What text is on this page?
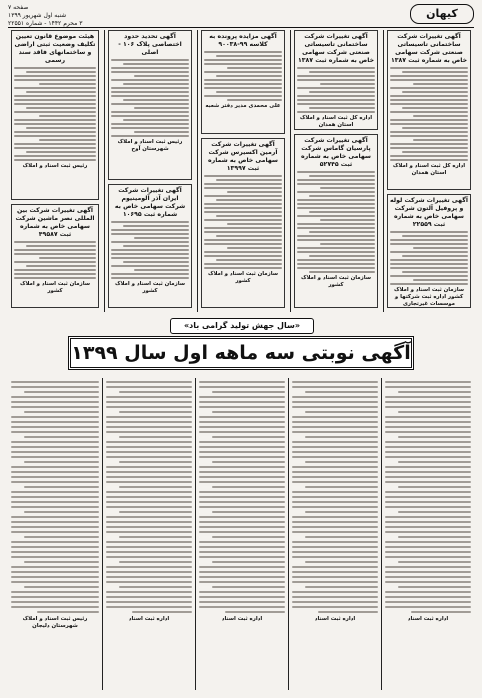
کیهان
صفحه ۷
شنبه اول شهریور ۱۳۹۹
۳ محرم ۱۴۴۲ - شماره ۲۲۵۵۱
آگهی تغییرات شرکت ساختمانی تاسیساتی صنعتی شرکت سهامی خاص به شماره ثبت ۱۳۸۷
اداره کل ثبت اسناد و املاک استان همدان
آگهی تغییرات شرکت لوله و پروفیل آلتون شرکت سهامی خاص به شماره ثبت ۲۲۵۵۹
سازمان ثبت اسناد و املاک کشور اداره ثبت شرکتها و موسسات غیرتجاری
آگهی تغییرات شرکت ساختمانی تاسیساتی صنعتی شرکت سهامی خاص به شماره ثبت ۱۳۸۷
اداره کل ثبت اسناد و املاک استان همدان
آگهی تغییرات شرکت پارسیان گاماس شرکت سهامی خاص به شماره ثبت ۵۲۷۴۵
سازمان ثبت اسناد و املاک کشور
آگهی مزایده پرونده به کلاسه ۹۹-۹۰۰۳۸
علی محمدی مدیر دفتر شعبه
آگهی تغییرات شرکت آرمین اکسیرس شرکت سهامی خاص به شماره ثبت ۱۳۹۹۷
سازمان ثبت اسناد و املاک کشور
آگهی تحدید حدود اختصاصی پلاک ۱۰۶ - اصلی
رئیس ثبت اسناد و املاک شهرستان آوج
آگهی تغییرات شرکت ایران آذر آلومینیوم شرکت سهامی خاص به شماره ثبت ۱۰۶۹۵
سازمان ثبت اسناد و املاک کشور
هیئت موضوع قانون تعیین تکلیف وضعیت ثبتی اراضی و ساختمانهای فاقد سند رسمی
رئیس ثبت اسناد و املاک
آگهی تغییرات شرکت بین المللی نصر ماشین شرکت سهامی خاص به شماره ثبت ۴۹۵۸۷
سازمان ثبت اسناد و املاک کشور
«سال جهش تولید گرامی باد»
آگهی نوبتی سه ماهه اول سال ۱۳۹۹
اداره ثبت اسناد
اداره ثبت اسناد
اداره ثبت اسناد
اداره ثبت اسناد
رئیس ثبت اسناد و املاک شهرستان دلیجان
